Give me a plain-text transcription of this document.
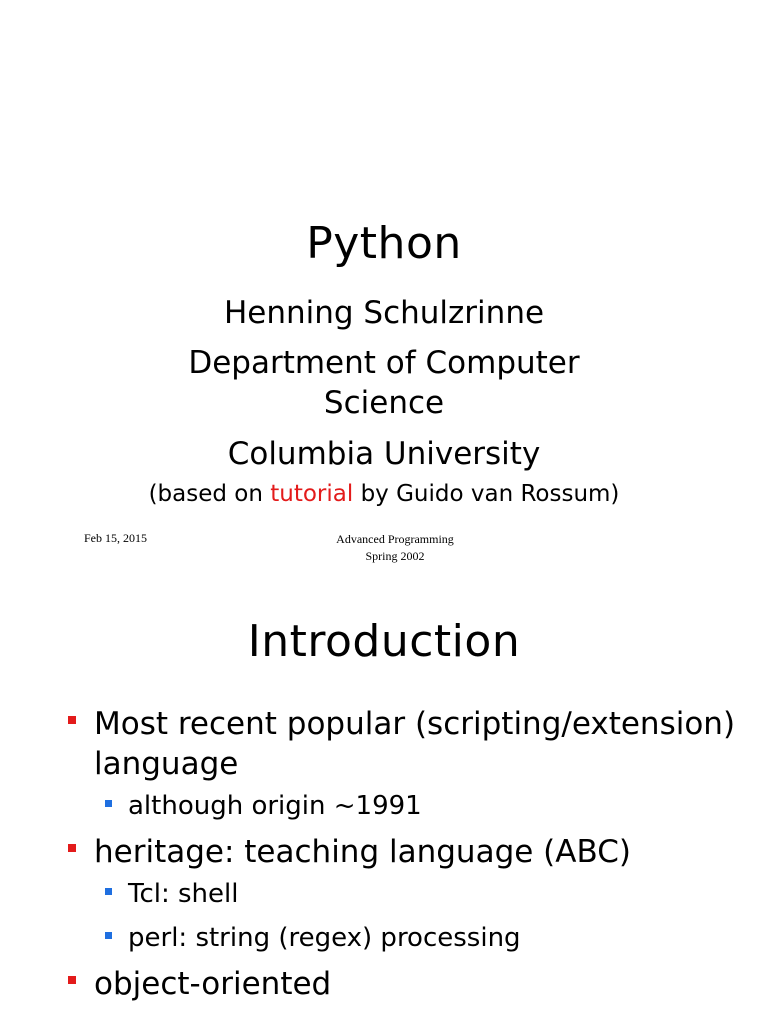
Python
Henning Schulzrinne
Department of Computer Science
Columbia University
(based on tutorial by Guido van Rossum)
Feb 15, 2015	Advanced Programming
Spring 2002
Introduction
Most recent popular (scripting/extension) language
although origin ~1991
heritage: teaching language (ABC)
Tcl: shell
perl: string (regex) processing
object-oriented
